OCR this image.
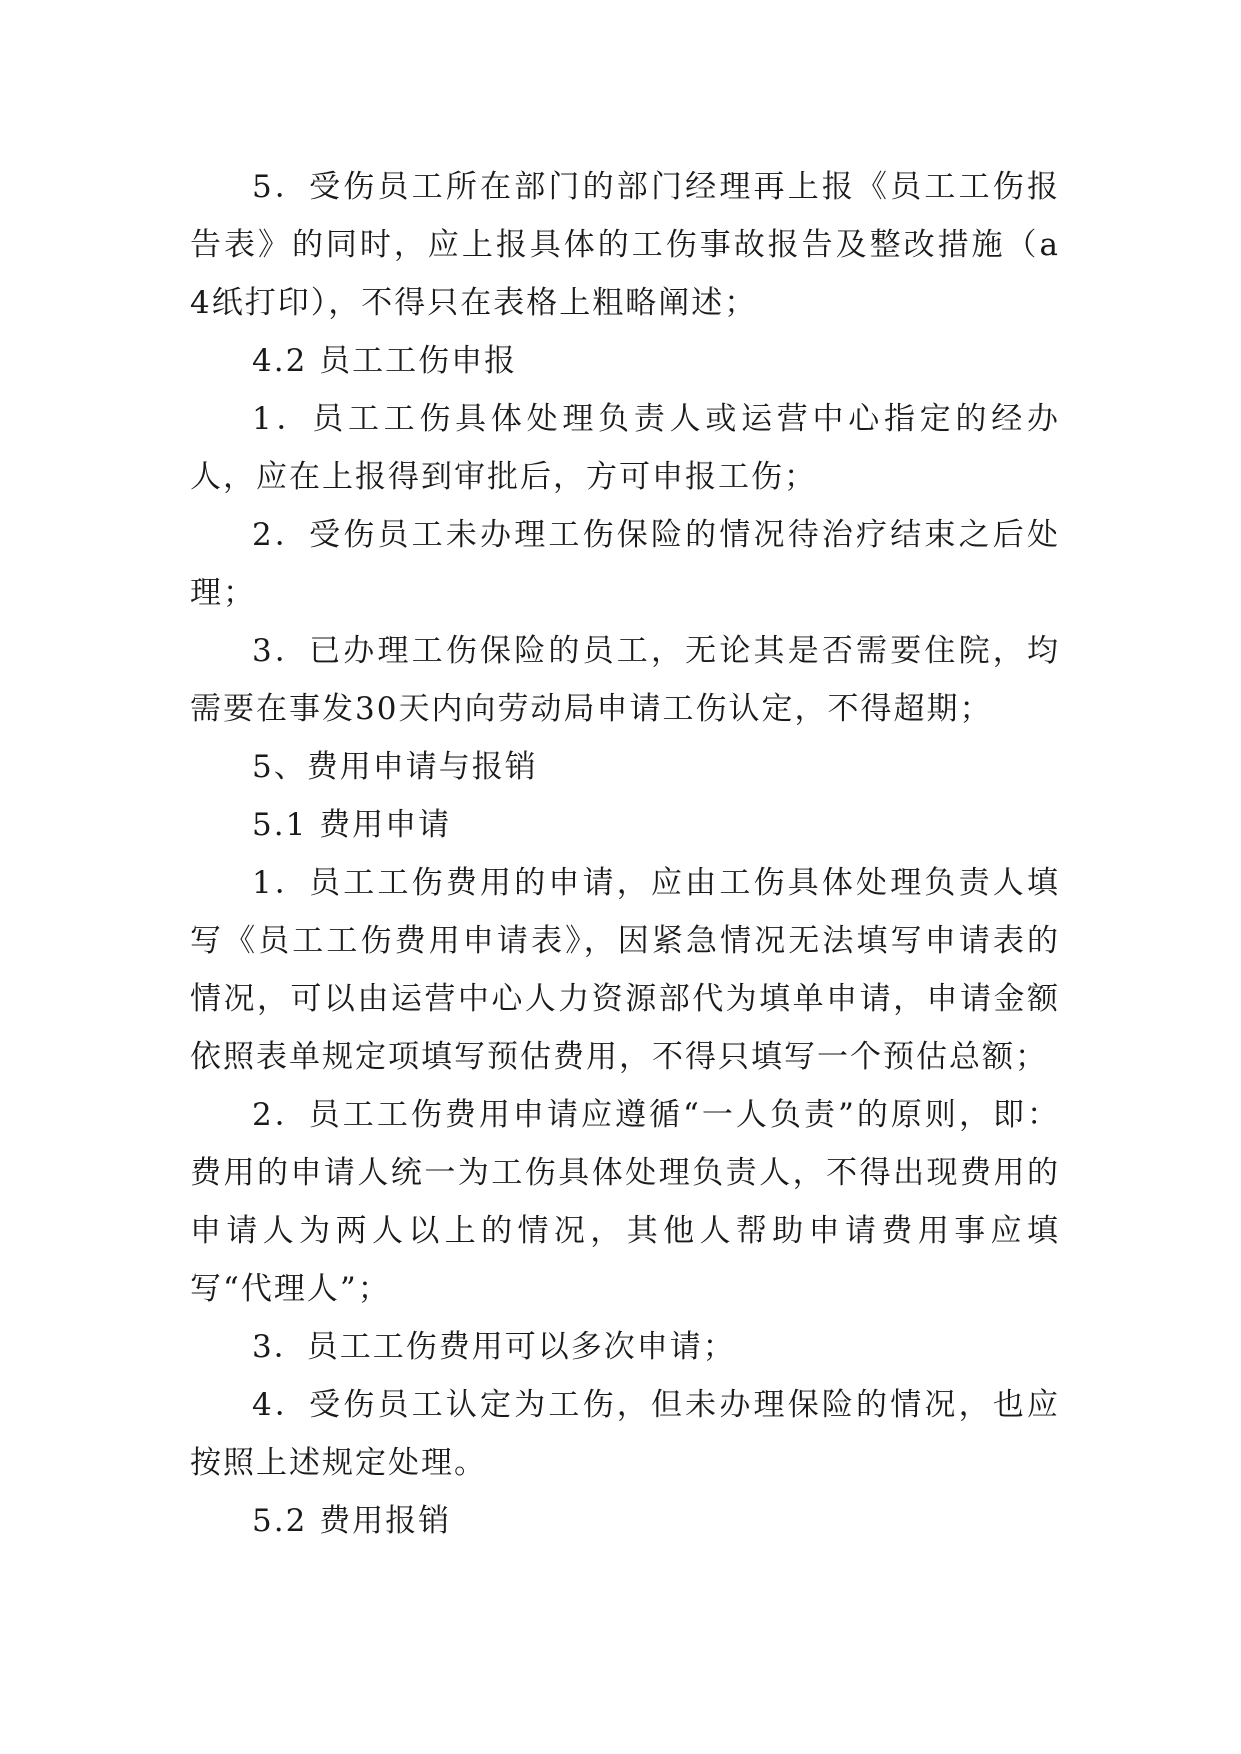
5．受伤员工所在部门的部门经理再上报《员工工伤报告表》的同时，应上报具体的工伤事故报告及整改措施（a 4纸打印），不得只在表格上粗略阐述；

4.2 员工工伤申报

1．员工工伤具体处理负责人或运营中心指定的经办人，应在上报得到审批后，方可申报工伤；

2．受伤员工未办理工伤保险的情况待治疗结束之后处理；

3．已办理工伤保险的员工，无论其是否需要住院，均需要在事发30天内向劳动局申请工伤认定，不得超期；

5、费用申请与报销

5.1 费用申请

1．员工工伤费用的申请，应由工伤具体处理负责人填写《员工工伤费用申请表》，因紧急情况无法填写申请表的情况，可以由运营中心人力资源部代为填单申请，申请金额依照表单规定项填写预估费用，不得只填写一个预估总额；

2．员工工伤费用申请应遵循“一人负责”的原则，即：费用的申请人统一为工伤具体处理负责人，不得出现费用的申请人为两人以上的情况，其他人帮助申请费用事应填写“代理人”；

3．员工工伤费用可以多次申请；

4．受伤员工认定为工伤，但未办理保险的情况，也应按照上述规定处理。

5.2 费用报销
